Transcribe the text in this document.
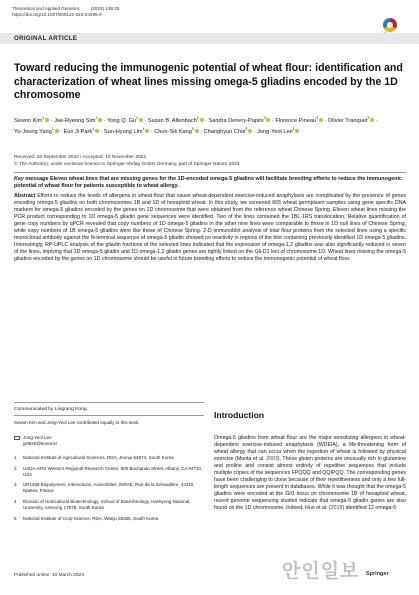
Theoretical and Applied Genetics (2023) 136:33
https://doi.org/10.1007/s00122-023-04295-0

ORIGINAL ARTICLE
Toward reducing the immunogenic potential of wheat flour: identification and characterization of wheat lines missing omega-5 gliadins encoded by the 1D chromosome
Sewon Kim$^1$ · Jae-Ryeong Sim$^1$ · Yong Q. $Gu^2$ · Susan B. Altenbach$^2$ · Sandra Denery-Papini$^3$ · Florence Pineau$^3$ · Olivier Tranquet$^3$ · Yu-Jeong Yang$^1$ · Eun Ji Park$^1$ · Sun-Hyung Lim$^4$ · Chon-Sik Kang$^5$ · Changhyun Choi$^5$ · Jong-Yeol Lee$^1$
Received: 26 September 2022 / Accepted: 18 November 2022
© The Author(s), under exclusive licence to Springer-Verlag GmbH Germany, part of Springer Nature 2023
Key message Eleven wheat lines that are missing genes for the 1D-encoded omega-5 gliadins will facilitate breeding efforts to reduce the immunogenic potential of wheat flour for patients susceptible to wheat allergy.
Abstract Efforts to reduce the levels of allergens in wheat flour that cause wheat-dependent exercise-induced anaphylaxis are complicated by the presence of genes encoding omega-5 gliadins on both chromosomes 1B and 1D of hexaploid wheat. In this study, we screened 665 wheat germplasm samples using gene specific DNA markers for omega-5 gliadins encoded by the genes on 1D chromosome that were obtained from the reference wheat Chinese Spring. Eleven wheat lines missing the PCR product corresponding to 1D omega-5 gliadin gene sequences were identified. Two of the lines contained the 1BL·1RS translocation. Relative quantification of gene copy numbers by qPCR revealed that copy numbers of 1D omega-5 gliadins in the other nine lines were comparable to those in 1D null lines of Chinese Spring, while copy numbers of 1B omega-5 gliadins were like those of Chinese Spring. 2-D immunoblot analysis of total flour proteins from the selected lines using a specific monoclonal antibody against the N-terminal sequence of omega-5 gliadin showed no reactivity in regions of the blot containing previously identified 1D omega-5 gliadins. Interestingly, RP-UPLC analysis of the gliadin fractions of the selected lines indicated that the expression of omega-1,2 gliadins was also significantly reduced in seven of the lines, implying that 1D omega-5 gliadin and 1D omega-1,2 gliadin genes are tightly linked on the Gli-D1 loci of chromosome 1D. Wheat lines missing the omega-5 gliadins encoded by the genes on 1D chromosome should be useful in future breeding efforts to reduce the immunogenic potential of wheat flour.
Communicated by Lingrang Kong.
Sewon Kim and Jong-Yeol Lee contributed equally to this work.
Jong-Yeol Lee
jy0820@korea.kr
1	National Institute of Agricultural Sciences, RDA, Jeonju 54874, South Korea
2	USDA-ARS Western Regional Research Center, 800 Buchanan Street, Albany, CA 94710, USA
3	UR1268 Biopolymers, Interactions, Assemblies, INRAE, Rue de la Géraudière, 44316 Nantes, France
4	Division of Horticultural Biotechnology, School of Biotechnology, Hankyong National University, Anseong 17579, South Korea
5	National Institute of Crop Science, RDA, Wanju 55365, South Korea
Published online: 10 March 2023
Introduction
Omega-5 gliadins from wheat flour are the major sensitizing allergens in wheat-dependent exercise-induced anaphylaxis (WDEIA), a life-threatening form of wheat allergy that can occur when the ingestion of wheat is followed by physical exercise (Morita et al. 2003). These gluten proteins are unusually rich in glutamine and proline and consist almost entirely of repetitive sequences that include multiple copies of the sequences FPQQQ and QQIPQQ. The corresponding genes have been challenging to clone because of their repetitiveness and only a few full-length sequences are present in databases. While it was thought that the omega-5 gliadins were encoded at the Gli1 locus on chromosome 1B of hexaploid wheat, recent genome sequencing studies indicate that omega-5 gliadin genes are also found on the 1D chromosome. Indeed, Huo et al. (2018) identified 12 omega-5
Springer
안인일보
